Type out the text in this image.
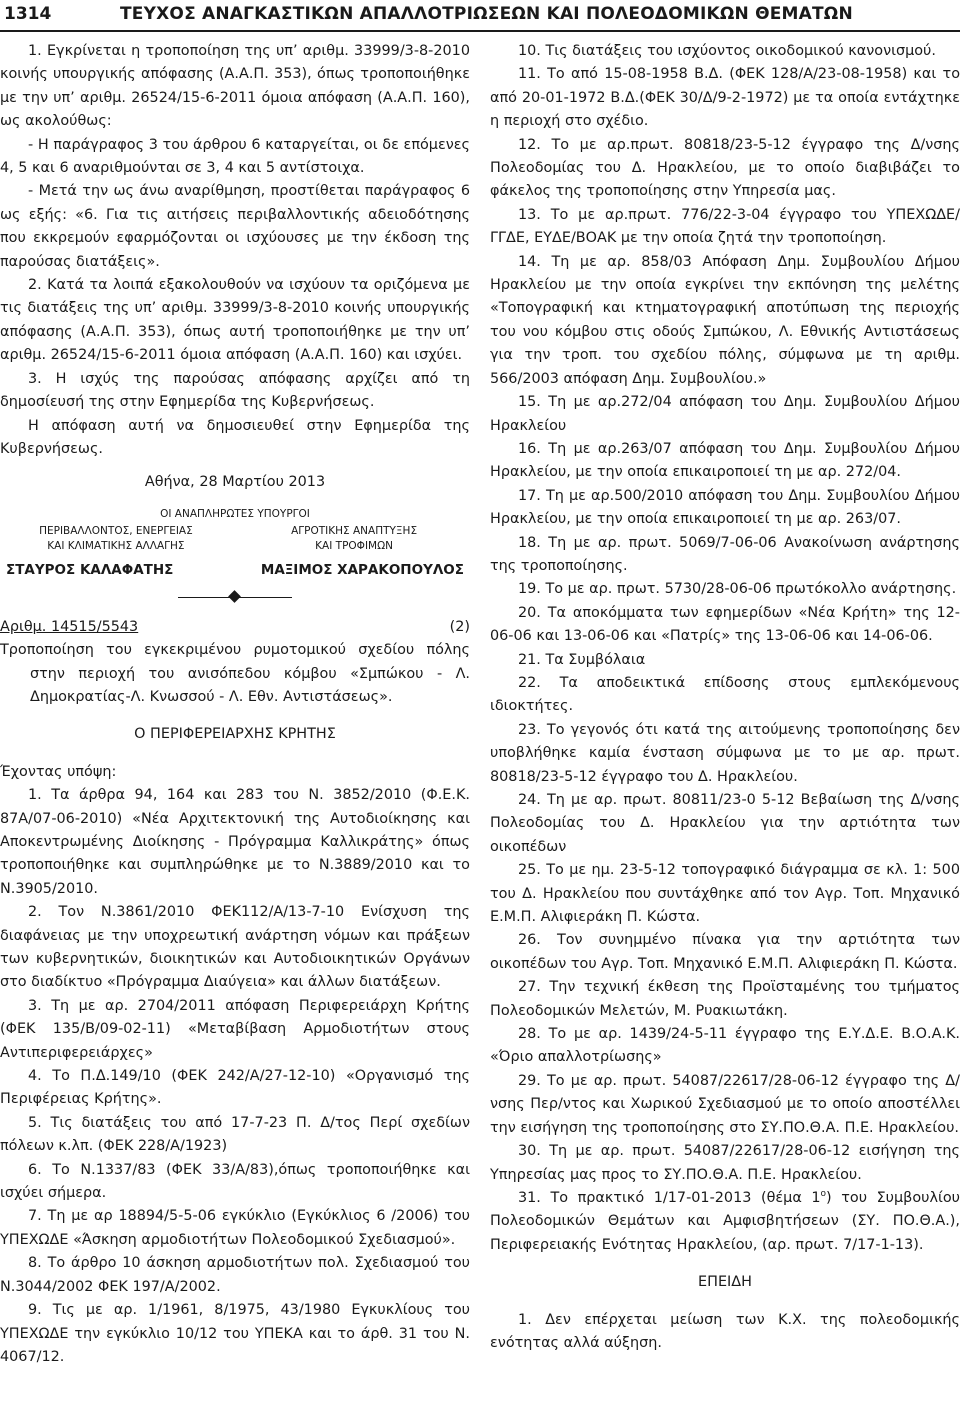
1314	ΤΕΥΧΟΣ ΑΝΑΓΚΑΣΤΙΚΩΝ ΑΠΑΛΛΟΤΡΙΩΣΕΩΝ ΚΑΙ ΠΟΛΕΟΔΟΜΙΚΩΝ ΘΕΜΑΤΩΝ

1. Εγκρίνεται η τροποποίηση της υπ’ αριθμ. 33999/3-8-2010 κοινής υπουργικής απόφασης (Α.Α.Π. 353), όπως τροποποιήθηκε με την υπ’ αριθμ. 26524/15-6-2011 όμοια απόφαση (Α.Α.Π. 160), ως ακολούθως:

- Η παράγραφος 3 του άρθρου 6 καταργείται, οι δε επόμενες 4, 5 και 6 αναριθμούνται σε 3, 4 και 5 αντίστοιχα.

- Μετά την ως άνω αναρίθμηση, προστίθεται παράγραφος 6 ως εξής: «6. Για τις αιτήσεις περιβαλλοντικής αδειοδότησης που εκκρεμούν εφαρμόζονται οι ισχύουσες με την έκδοση της παρούσας διατάξεις».

2. Κατά τα λοιπά εξακολουθούν να ισχύουν τα οριζόμενα με τις διατάξεις της υπ’ αριθμ. 33999/3-8-2010 κοινής υπουργικής απόφασης (Α.Α.Π. 353), όπως αυτή τροποποιήθηκε με την υπ’ αριθμ. 26524/15-6-2011 όμοια απόφαση (Α.Α.Π. 160) και ισχύει.

3. Η ισχύς της παρούσας απόφασης αρχίζει από τη δημοσίευσή της στην Εφημερίδα της Κυβερνήσεως.

Η απόφαση αυτή να δημοσιευθεί στην Εφημερίδα της Κυβερνήσεως.

Αθήνα, 28 Μαρτίου 2013
ΟΙ ΑΝΑΠΛΗΡΩΤΕΣ ΥΠΟΥΡΓΟΙ
ΠΕΡΙΒΑΛΛΟΝΤΟΣ, ΕΝΕΡΓΕΙΑΣ
ΚΑΙ ΚΛΙΜΑΤΙΚΗΣ ΑΛΛΑΓΗΣ
ΑΓΡΟΤΙΚΗΣ ΑΝΑΠΤΥΞΗΣ
ΚΑΙ ΤΡΟΦΙΜΩΝ
ΣΤΑΥΡΟΣ ΚΑΛΑΦΑΤΗΣ	ΜΑΞΙΜΟΣ ΧΑΡΑΚΟΠΟΥΛΟΣ
Αριθμ. 14515/5543	(2)

Τροποποίηση του εγκεκριμένου ρυμοτομικού σχεδίου πόλης στην περιοχή του ανισόπεδου κόμβου «Σμπώκου - Λ. Δημοκρατίας-Λ. Κνωσσού - Λ. Εθν. Αντιστάσεως».

Ο ΠΕΡΙΦΕΡΕΙΑΡΧΗΣ ΚΡΗΤΗΣ

Έχοντας υπόψη:

1. Τα άρθρα 94, 164 και 283 του Ν. 3852/2010 (Φ.Ε.Κ. 87Α/07-06-2010) «Νέα Αρχιτεκτονική της Αυτοδιοίκησης και Αποκεντρωμένης Διοίκησης - Πρόγραμμα Καλλικράτης» όπως τροποποιήθηκε και συμπληρώθηκε με το Ν.3889/2010 και το Ν.3905/2010.

2. Τον Ν.3861/2010 ΦΕΚ112/Α/13-7-10 Ενίσχυση της διαφάνειας με την υποχρεωτική ανάρτηση νόμων και πράξεων των κυβερνητικών, διοικητικών και Αυτοδιοικητικών Οργάνων στο διαδίκτυο «Πρόγραμμα Διαύγεια» και άλλων διατάξεων.

3. Τη με αρ. 2704/2011 απόφαση Περιφερειάρχη Κρήτης (ΦΕΚ 135/Β/09-02-11) «Μεταβίβαση Αρμοδιοτήτων στους Αντιπεριφερειάρχες»

4. Το Π.Δ.149/10 (ΦΕΚ 242/Α/27-12-10) «Οργανισμό της Περιφέρειας Κρήτης».

5. Τις διατάξεις του από 17-7-23 Π. Δ/τος Περί σχεδίων πόλεων κ.λπ. (ΦΕΚ 228/Α/1923)

6. Το Ν.1337/83 (ΦΕΚ 33/Α/83),όπως τροποποιήθηκε και ισχύει σήμερα.

7. Τη με αρ 18894/5-5-06 εγκύκλιο (Εγκύκλιος 6 /2006) του ΥΠΕΧΩΔΕ «Άσκηση αρμοδιοτήτων Πολεοδομικού Σχεδιασμού».

8. Το άρθρο 10 άσκηση αρμοδιοτήτων πολ. Σχεδιασμού του Ν.3044/2002 ΦΕΚ 197/Α/2002.

9. Τις με αρ. 1/1961, 8/1975, 43/1980 Εγκυκλίους του ΥΠΕΧΩΔΕ την εγκύκλιο 10/12 του ΥΠΕΚΑ και το άρθ. 31 του Ν. 4067/12.

10. Τις διατάξεις του ισχύοντος οικοδομικού κανονισμού.

11. Το από 15-08-1958 Β.Δ. (ΦΕΚ 128/Α/23-08-1958) και το από 20-01-1972 Β.Δ.(ΦΕΚ 30/Δ/9-2-1972) με τα οποία εντάχτηκε η περιοχή στο σχέδιο.

12. Το με αρ.πρωτ. 80818/23-5-12 έγγραφο της Δ/νσης Πολεοδομίας του Δ. Ηρακλείου, με το οποίο διαβιβάζει το φάκελος της τροποποίησης στην Υπηρεσία μας.

13. Το με αρ.πρωτ. 776/22-3-04 έγγραφο του ΥΠΕΧΩΔΕ/ΓΓΔΕ, ΕΥΔΕ/ΒΟΑΚ με την οποία ζητά την τροποποίηση.

14. Τη με αρ. 858/03 Απόφαση Δημ. Συμβουλίου Δήμου Ηρακλείου με την οποία εγκρίνει την εκπόνηση της μελέτης «Τοπογραφική και κτηματογραφική αποτύπωση της περιοχής του νου κόμβου στις οδούς Σμπώκου, Λ. Εθνικής Αντιστάσεως για την τροπ. του σχεδίου πόλης, σύμφωνα με τη αριθμ. 566/2003 απόφαση Δημ. Συμβουλίου.»

15. Τη με αρ.272/04 απόφαση του Δημ. Συμβουλίου Δήμου Ηρακλείου

16. Τη με αρ.263/07 απόφαση του Δημ. Συμβουλίου Δήμου Ηρακλείου, με την οποία επικαιροποιεί τη με αρ. 272/04.

17. Τη με αρ.500/2010 απόφαση του Δημ. Συμβουλίου Δήμου Ηρακλείου, με την οποία επικαιροποιεί τη με αρ. 263/07.

18. Τη με αρ. πρωτ. 5069/7-06-06 Ανακοίνωση ανάρτησης της τροποποίησης.

19. Το με αρ. πρωτ. 5730/28-06-06 πρωτόκολλο ανάρτησης.

20. Τα αποκόμματα των εφημερίδων «Νέα Κρήτη» της 12-06-06 και 13-06-06 και «Πατρίς» της 13-06-06 και 14-06-06.

21. Τα Συμβόλαια

22. Τα αποδεικτικά επίδοσης στους εμπλεκόμενους ιδιοκτήτες.

23. Το γεγονός ότι κατά της αιτούμενης τροποποίησης δεν υποβλήθηκε καμία ένσταση σύμφωνα με το με αρ. πρωτ. 80818/23-5-12 έγγραφο του Δ. Ηρακλείου.

24. Τη με αρ. πρωτ. 80811/23-0 5-12 Βεβαίωση της Δ/νσης Πολεοδομίας του Δ. Ηρακλείου για την αρτιότητα των οικοπέδων

25. Το με ημ. 23-5-12 τοπογραφικό διάγραμμα σε κλ. 1: 500 του Δ. Ηρακλείου που συντάχθηκε από τον Αγρ. Τοπ. Μηχανικό Ε.Μ.Π. Αλιφιεράκη Π. Κώστα.

26. Τον συνημμένο πίνακα για την αρτιότητα των οικοπέδων του Αγρ. Τοπ. Μηχανικό Ε.Μ.Π. Αλιφιεράκη Π. Κώστα.

27. Την τεχνική έκθεση της Προϊσταμένης του τμήματος Πολεοδομικών Μελετών, Μ. Ρυακιωτάκη.

28. Το με αρ. 1439/24-5-11 έγγραφο της Ε.Υ.Δ.Ε. Β.Ο.Α.Κ. «Όριο απαλλοτρίωσης»

29. Το με αρ. πρωτ. 54087/22617/28-06-12 έγγραφο της Δ/νσης Περ/ντος και Χωρικού Σχεδιασμού με το οποίο αποστέλλει την εισήγηση της τροποποίησης στο ΣΥ.ΠΟ.Θ.Α. Π.Ε. Ηρακλείου.

30. Τη με αρ. πρωτ. 54087/22617/28-06-12 εισήγηση της Υπηρεσίας μας προς το ΣΥ.ΠΟ.Θ.Α. Π.Ε. Ηρακλείου.

31. Το πρακτικό 1/17-01-2013 (θέμα $1^o$) του Συμβουλίου Πολεοδομικών Θεμάτων και Αμφισβητήσεων (ΣΥ. ΠΟ.Θ.Α.), Περιφερειακής Ενότητας Ηρακλείου, (αρ. πρωτ. 7/17-1-13).

ΕΠΕΙΔΗ

1. Δεν επέρχεται μείωση των Κ.Χ. της πολεοδομικής ενότητας αλλά αύξηση.
